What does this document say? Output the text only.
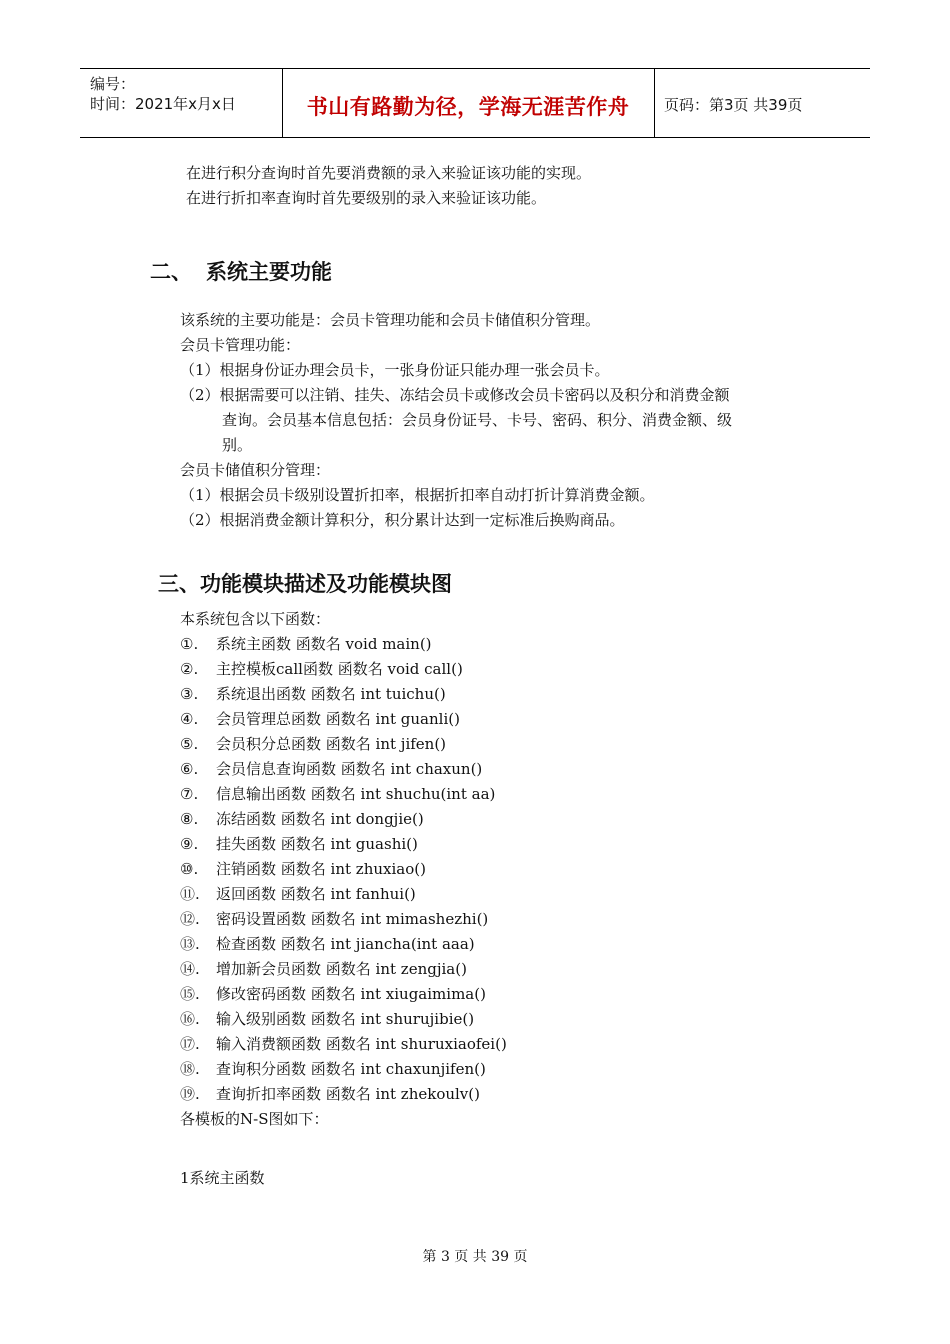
编号：
时间：2021年x月x日	书山有路勤为径，学海无涯苦作舟	页码：第3页 共39页
在进行积分查询时首先要消费额的录入来验证该功能的实现。
在进行折扣率查询时首先要级别的录入来验证该功能。
二、 系统主要功能
该系统的主要功能是：会员卡管理功能和会员卡储值积分管理。
会员卡管理功能：
（1）根据身份证办理会员卡，一张身份证只能办理一张会员卡。
（2）根据需要可以注销、挂失、冻结会员卡或修改会员卡密码以及积分和消费金额
查询。会员基本信息包括：会员身份证号、卡号、密码、积分、消费金额、级
别。
会员卡储值积分管理：
（1）根据会员卡级别设置折扣率，根据折扣率自动打折计算消费金额。
（2）根据消费金额计算积分，积分累计达到一定标准后换购商品。
三、功能模块描述及功能模块图
本系统包含以下函数：
①. 系统主函数 函数名 void main()
②. 主控模板call函数 函数名 void call()
③. 系统退出函数 函数名 int tuichu()
④. 会员管理总函数 函数名 int guanli()
⑤. 会员积分总函数 函数名 int jifen()
⑥. 会员信息查询函数 函数名 int chaxun()
⑦. 信息输出函数 函数名 int shuchu(int aa)
⑧. 冻结函数 函数名 int dongjie()
⑨. 挂失函数 函数名 int guashi()
⑩. 注销函数 函数名 int zhuxiao()
⑪. 返回函数 函数名 int fanhui()
⑫. 密码设置函数 函数名 int mimashezhi()
⑬. 检查函数 函数名 int jiancha(int aaa)
⑭. 增加新会员函数 函数名 int zengjia()
⑮. 修改密码函数 函数名 int xiugaimima()
⑯. 输入级别函数 函数名 int shurujibie()
⑰. 输入消费额函数 函数名 int shuruxiaofei()
⑱. 查询积分函数 函数名 int chaxunjifen()
⑲. 查询折扣率函数 函数名 int zhekoulv()
各模板的N-S图如下：
1系统主函数
第 3 页 共 39 页
